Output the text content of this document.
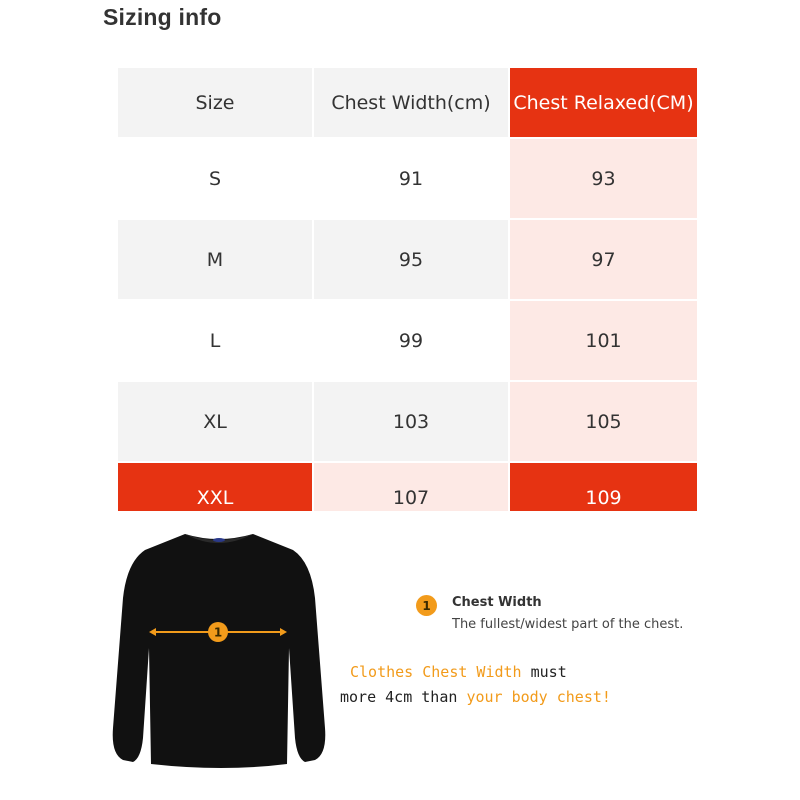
Sizing info
Size	Chest Width(cm)	Chest Relaxed(CM)
S	91	93
M	95	97
L	99	101
XL	103	105
XXL	107	109
1
1	Chest Width
The fullest/widest part of the chest.
Clothes Chest Width must
more 4cm than your body chest!
